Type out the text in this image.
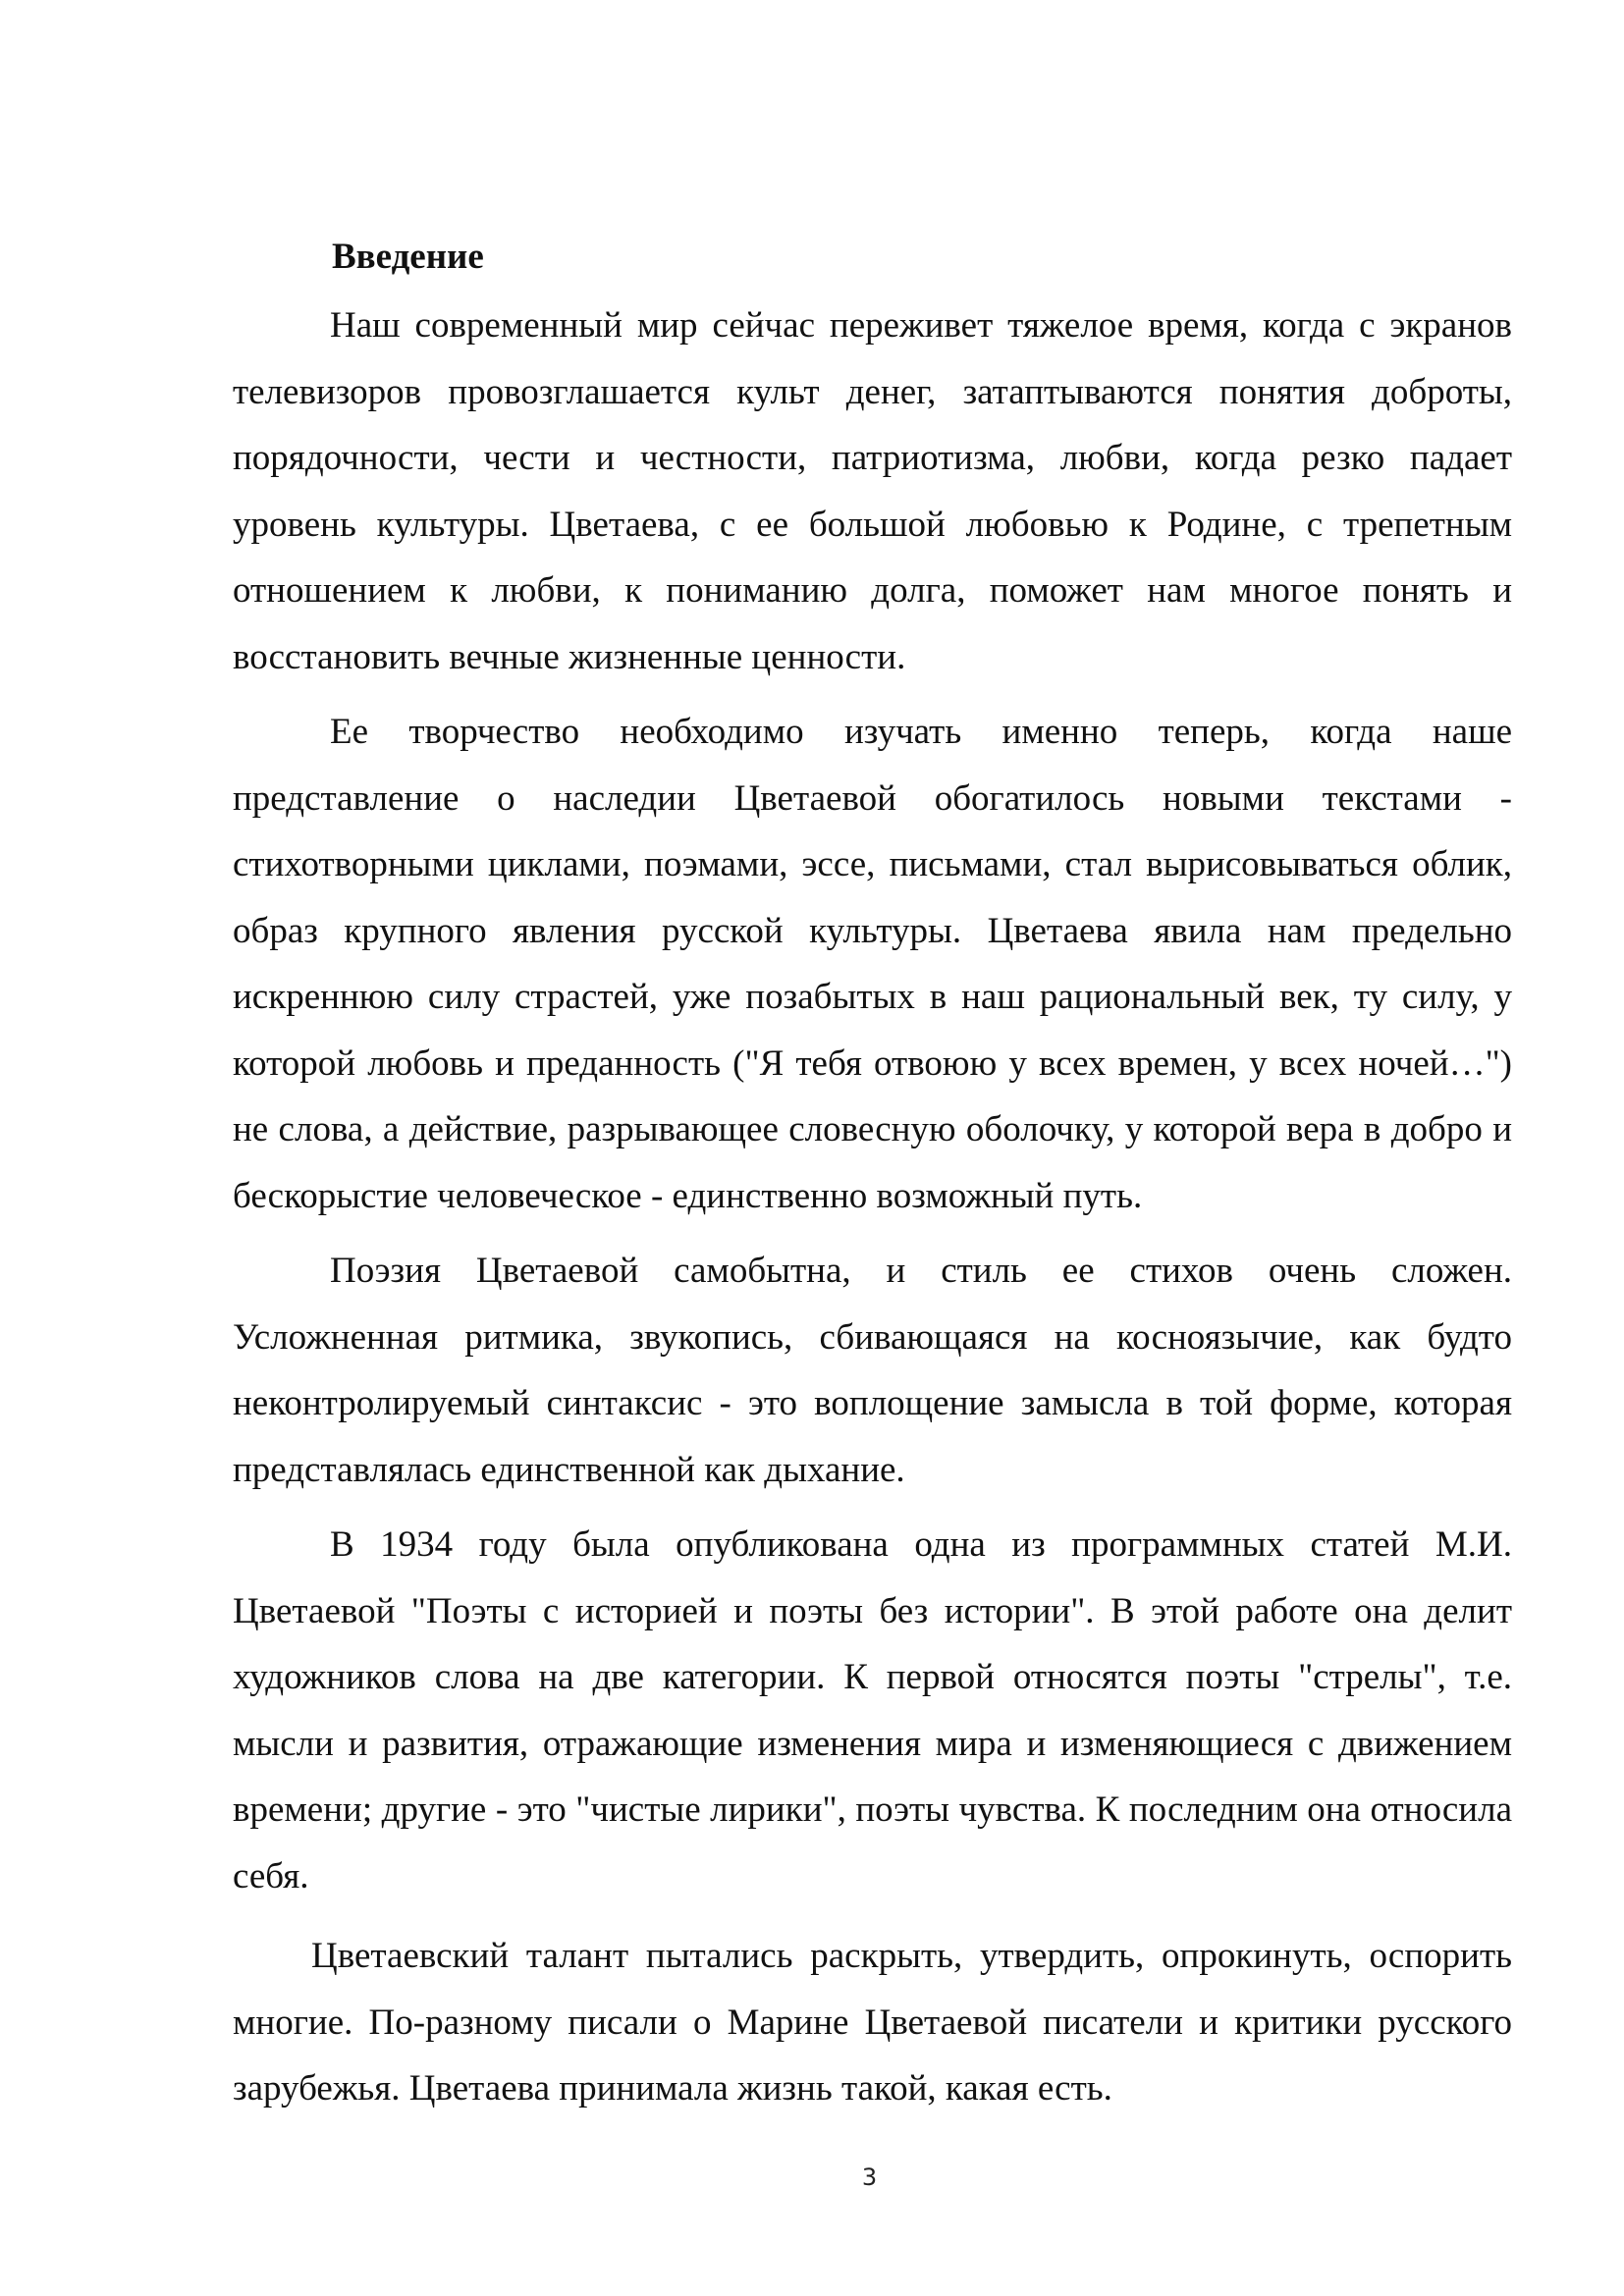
Введение

Наш современный мир сейчас переживет тяжелое время, когда с экранов телевизоров провозглашается культ денег, затаптываются понятия доброты, порядочности, чести и честности, патриотизма, любви, когда резко падает уровень культуры. Цветаева, с ее большой любовью к Родине, с трепетным отношением к любви, к пониманию долга, поможет нам многое понять и восстановить вечные жизненные ценности.

Ее творчество необходимо изучать именно теперь, когда наше представление о наследии Цветаевой обогатилось новыми текстами - стихотворными циклами, поэмами, эссе, письмами, стал вырисовываться облик, образ крупного явления русской культуры. Цветаева явила нам предельно искреннюю силу страстей, уже позабытых в наш рациональный век, ту силу, у которой любовь и преданность ("Я тебя отвоюю у всех времен, у всех ночей…") не слова, а действие, разрывающее словесную оболочку, у которой вера в добро и бескорыстие человеческое - единственно возможный путь.

Поэзия Цветаевой самобытна, и стиль ее стихов очень сложен. Усложненная ритмика, звукопись, сбивающаяся на косноязычие, как будто неконтролируемый синтаксис - это воплощение замысла в той форме, которая представлялась единственной как дыхание.

В 1934 году была опубликована одна из программных статей М.И. Цветаевой "Поэты с историей и поэты без истории". В этой работе она делит художников слова на две категории. К первой относятся поэты "стрелы", т.е. мысли и развития, отражающие изменения мира и изменяющиеся с движением времени; другие - это "чистые лирики", поэты чувства. К последним она относила себя.

Цветаевский талант пытались раскрыть, утвердить, опрокинуть, оспорить многие. По-разному писали о Марине Цветаевой писатели и критики русского зарубежья. Цветаева принимала жизнь такой, какая есть.

3
